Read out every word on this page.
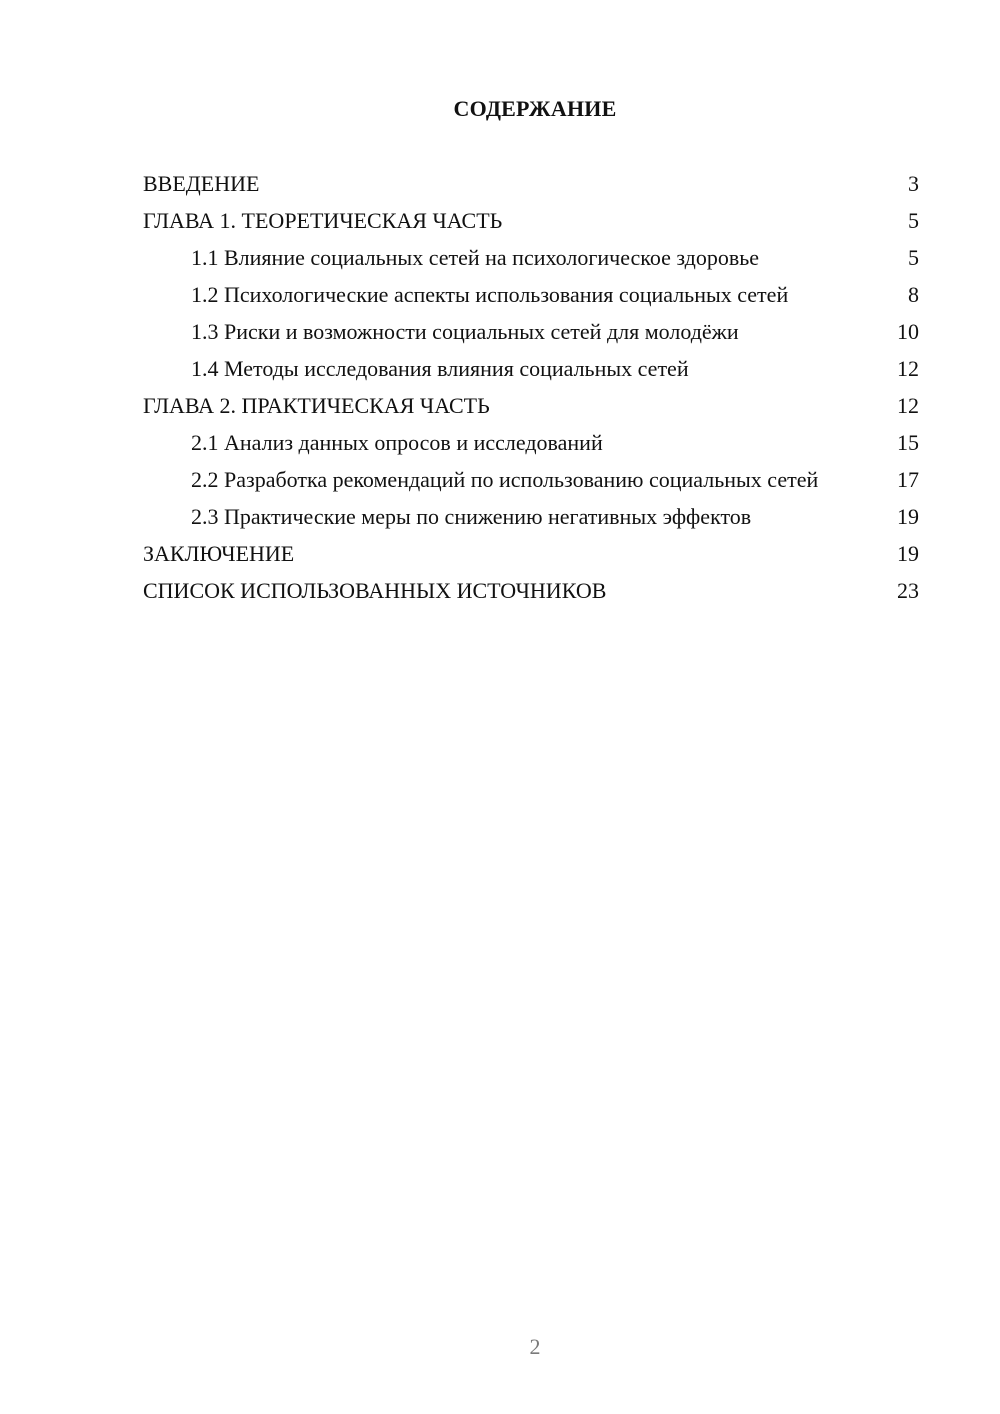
СОДЕРЖАНИЕ
ВВЕДЕНИЕ	3
ГЛАВА 1. ТЕОРЕТИЧЕСКАЯ ЧАСТЬ	5
1.1 Влияние социальных сетей на психологическое здоровье	5
1.2 Психологические аспекты использования социальных сетей	8
1.3 Риски и возможности социальных сетей для молодёжи	10
1.4 Методы исследования влияния социальных сетей	12
ГЛАВА 2. ПРАКТИЧЕСКАЯ ЧАСТЬ	12
2.1 Анализ данных опросов и исследований	15
2.2 Разработка рекомендаций по использованию социальных сетей	17
2.3 Практические меры по снижению негативных эффектов	19
ЗАКЛЮЧЕНИЕ	19
СПИСОК ИСПОЛЬЗОВАННЫХ ИСТОЧНИКОВ	23
2
